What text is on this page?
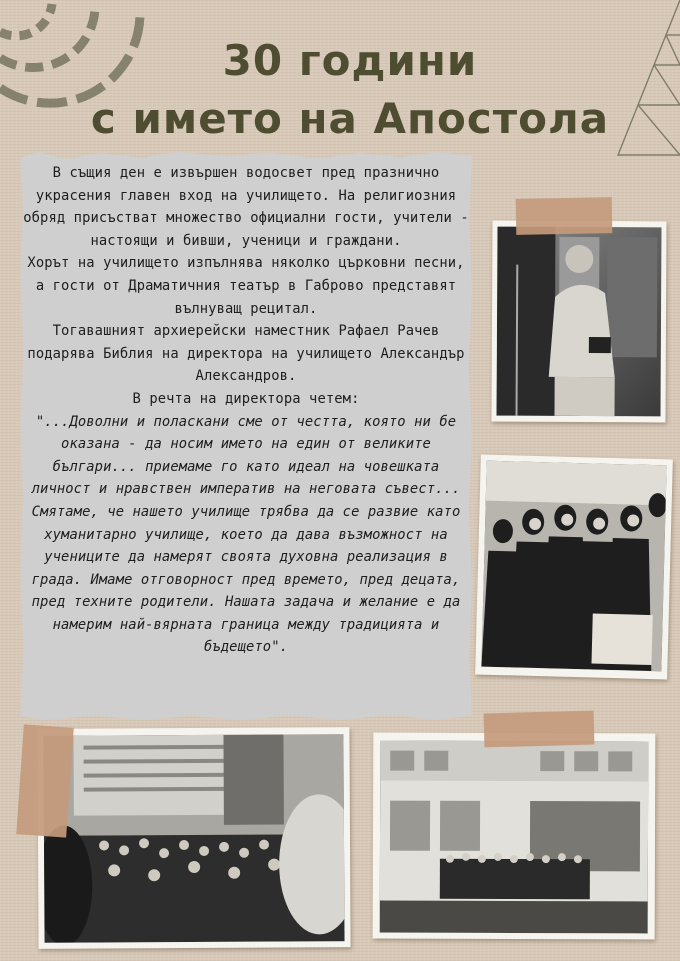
30 години
с името на Апостола

В същия ден е извършен водосвет пред празнично украсения главен вход на училището. На религиозния обряд присъстват множество официални гости, учители - настоящи и бивши, ученици и граждани.

Хорът на училището изпълнява няколко църковни песни, а гости от Драматичния театър в Габрово представят вълнуващ рецитал.

Тогавашният архиерейски наместник Рафаел Рачев подарява Библия на директора на училището Александър Александров.

В речта на директора четем:

"...Доволни и поласкани сме от честта, която ни бе оказана - да носим името на един от великите българи... приемаме го като идеал на човешката личност и нравствен императив на неговата съвест... Смятаме, че нашето училище трябва да се развие като хуманитарно училище, което да дава възможност на учениците да намерят своята духовна реализация в града. Имаме отговорност пред времето, пред децата, пред техните родители. Нашата задача и желание е да намерим най-вярната граница между традицията и бъдещето".
